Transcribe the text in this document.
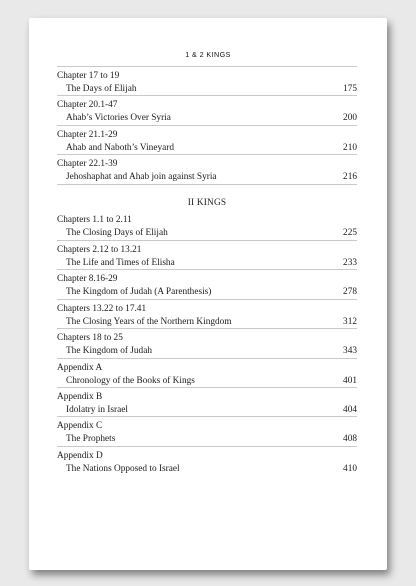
1 & 2 KINGS
Chapter 17 to 19
The Days of Elijah	175
Chapter 20.1-47
Ahab’s Victories Over Syria	200
Chapter 21.1-29
Ahab and Naboth’s Vineyard	210
Chapter 22.1-39
Jehoshaphat and Ahab join against Syria	216
II KINGS
Chapters 1.1 to 2.11
The Closing Days of Elijah	225
Chapters 2.12 to 13.21
The Life and Times of Elisha	233
Chapter 8.16-29
The Kingdom of Judah (A Parenthesis)	278
Chapters 13.22 to 17.41
The Closing Years of the Northern Kingdom	312
Chapters 18 to 25
The Kingdom of Judah	343
Appendix A
Chronology of the Books of Kings	401
Appendix B
Idolatry in Israel	404
Appendix C
The Prophets	408
Appendix D
The Nations Opposed to Israel	410
